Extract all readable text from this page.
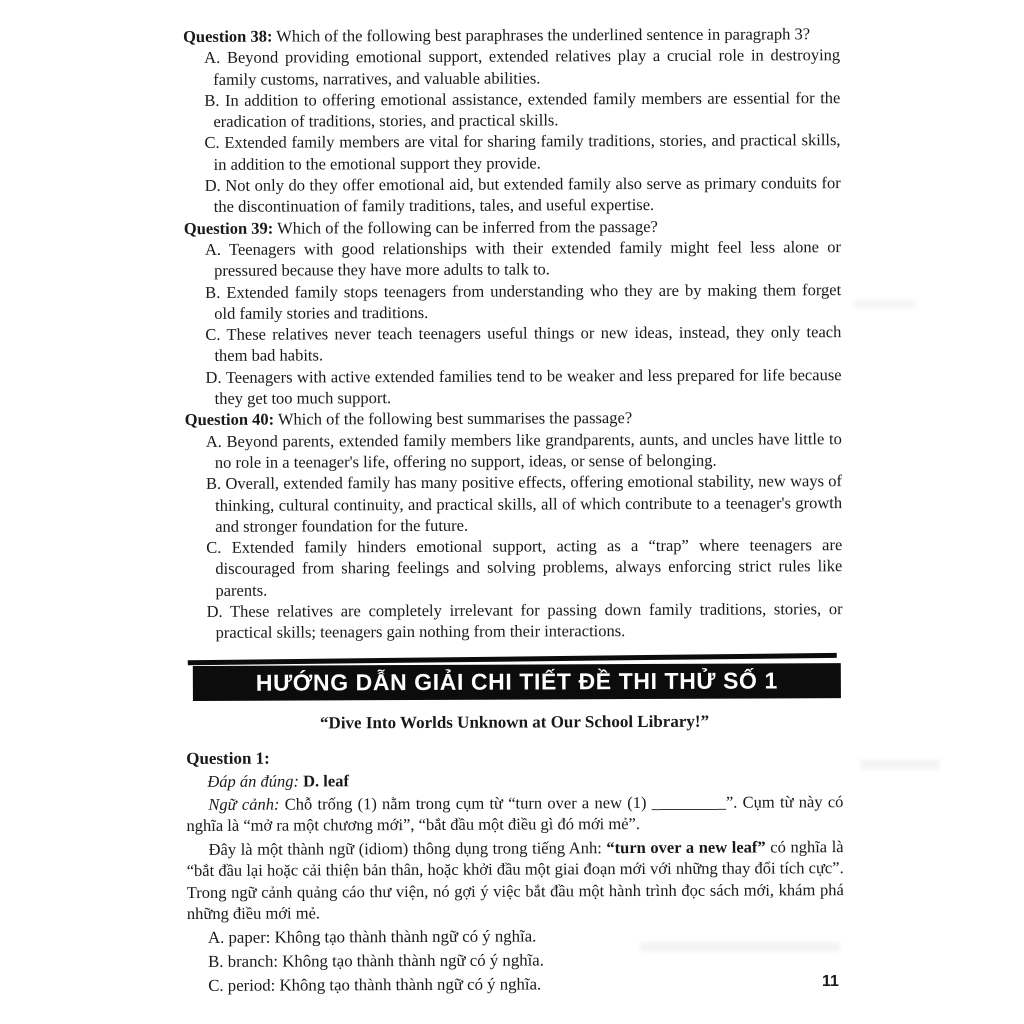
Question 38: Which of the following best paraphrases the underlined sentence in paragraph 3?
A. Beyond providing emotional support, extended relatives play a crucial role in destroying family customs, narratives, and valuable abilities.
B. In addition to offering emotional assistance, extended family members are essential for the eradication of traditions, stories, and practical skills.
C. Extended family members are vital for sharing family traditions, stories, and practical skills, in addition to the emotional support they provide.
D. Not only do they offer emotional aid, but extended family also serve as primary conduits for the discontinuation of family traditions, tales, and useful expertise.
Question 39: Which of the following can be inferred from the passage?
A. Teenagers with good relationships with their extended family might feel less alone or pressured because they have more adults to talk to.
B. Extended family stops teenagers from understanding who they are by making them forget old family stories and traditions.
C. These relatives never teach teenagers useful things or new ideas, instead, they only teach them bad habits.
D. Teenagers with active extended families tend to be weaker and less prepared for life because they get too much support.
Question 40: Which of the following best summarises the passage?
A. Beyond parents, extended family members like grandparents, aunts, and uncles have little to no role in a teenager's life, offering no support, ideas, or sense of belonging.
B. Overall, extended family has many positive effects, offering emotional stability, new ways of thinking, cultural continuity, and practical skills, all of which contribute to a teenager's growth and stronger foundation for the future.
C. Extended family hinders emotional support, acting as a “trap” where teenagers are discouraged from sharing feelings and solving problems, always enforcing strict rules like parents.
D. These relatives are completely irrelevant for passing down family traditions, stories, or practical skills; teenagers gain nothing from their interactions.
HƯỚNG DẪN GIẢI CHI TIẾT ĐỀ THI THỬ SỐ 1
“Dive Into Worlds Unknown at Our School Library!”
Question 1:
Đáp án đúng: D. leaf
Ngữ cảnh: Chỗ trống (1) nằm trong cụm từ “turn over a new (1) _________”. Cụm từ này có nghĩa là “mở ra một chương mới”, “bắt đầu một điều gì đó mới mẻ”.
Đây là một thành ngữ (idiom) thông dụng trong tiếng Anh: “turn over a new leaf” có nghĩa là “bắt đầu lại hoặc cải thiện bản thân, hoặc khởi đầu một giai đoạn mới với những thay đổi tích cực”. Trong ngữ cảnh quảng cáo thư viện, nó gợi ý việc bắt đầu một hành trình đọc sách mới, khám phá những điều mới mẻ.
A. paper: Không tạo thành thành ngữ có ý nghĩa.
B. branch: Không tạo thành thành ngữ có ý nghĩa.
C. period: Không tạo thành thành ngữ có ý nghĩa.	11
